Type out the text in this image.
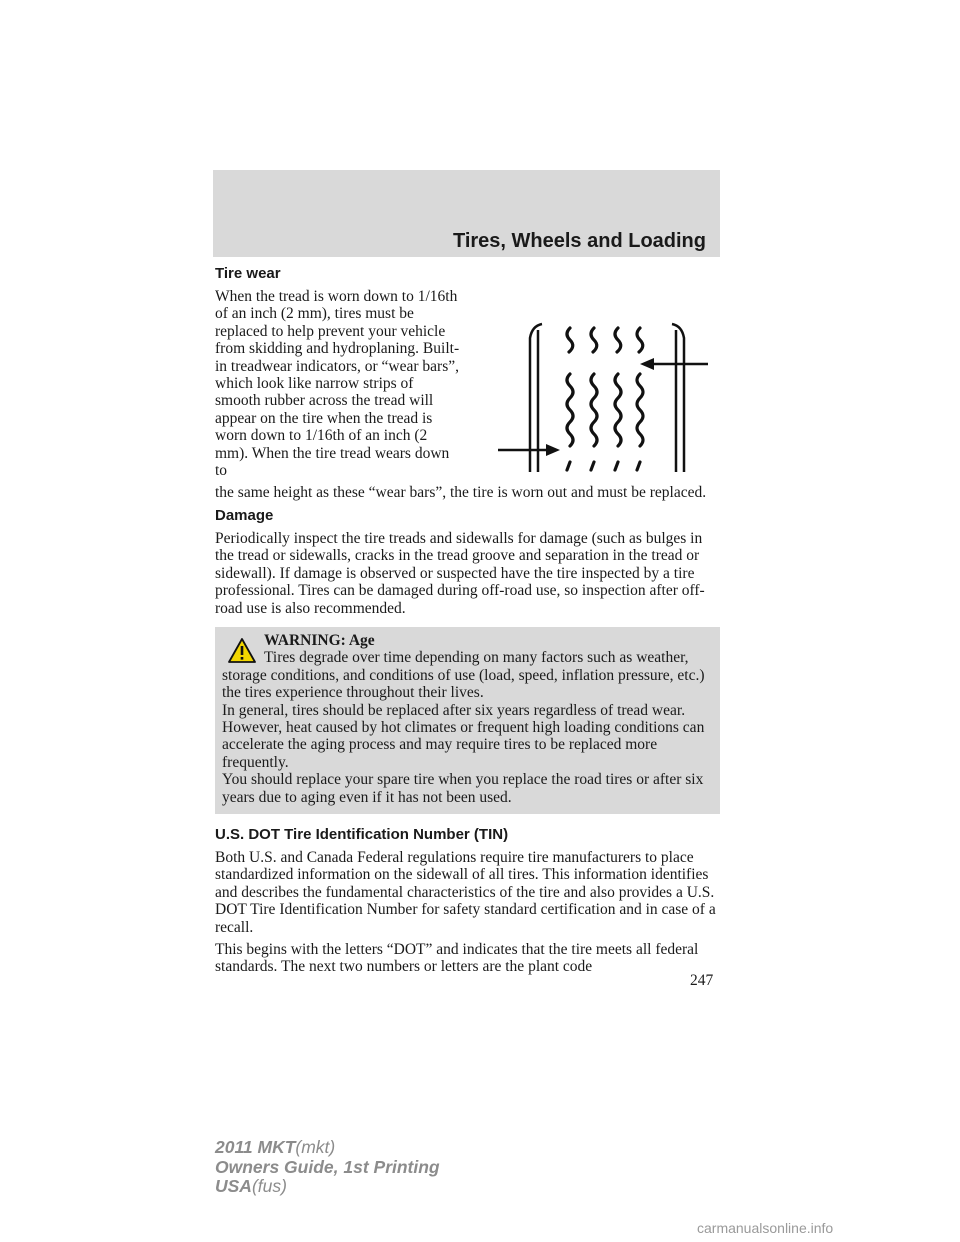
Tires, Wheels and Loading
Tire wear
When the tread is worn down to 1/16th of an inch (2 mm), tires must be replaced to help prevent your vehicle from skidding and hydroplaning. Built-in treadwear indicators, or “wear bars”, which look like narrow strips of smooth rubber across the tread will appear on the tire when the tread is worn down to 1/16th of an inch (2 mm). When the tire tread wears down to
the same height as these “wear bars”, the tire is worn out and must be replaced.
Damage
Periodically inspect the tire treads and sidewalls for damage (such as bulges in the tread or sidewalls, cracks in the tread groove and separation in the tread or sidewall). If damage is observed or suspected have the tire inspected by a tire professional. Tires can be damaged during off-road use, so inspection after off-road use is also recommended.
WARNING: Age
Tires degrade over time depending on many factors such as weather, storage conditions, and conditions of use (load, speed, inflation pressure, etc.) the tires experience throughout their lives.
In general, tires should be replaced after six years regardless of tread wear. However, heat caused by hot climates or frequent high loading conditions can accelerate the aging process and may require tires to be replaced more frequently.
You should replace your spare tire when you replace the road tires or after six years due to aging even if it has not been used.
U.S. DOT Tire Identification Number (TIN)
Both U.S. and Canada Federal regulations require tire manufacturers to place standardized information on the sidewall of all tires. This information identifies and describes the fundamental characteristics of the tire and also provides a U.S. DOT Tire Identification Number for safety standard certification and in case of a recall.
This begins with the letters “DOT” and indicates that the tire meets all federal standards. The next two numbers or letters are the plant code
247
2011 MKT(mkt)
Owners Guide, 1st Printing
USA(fus)
carmanualsonline.info
